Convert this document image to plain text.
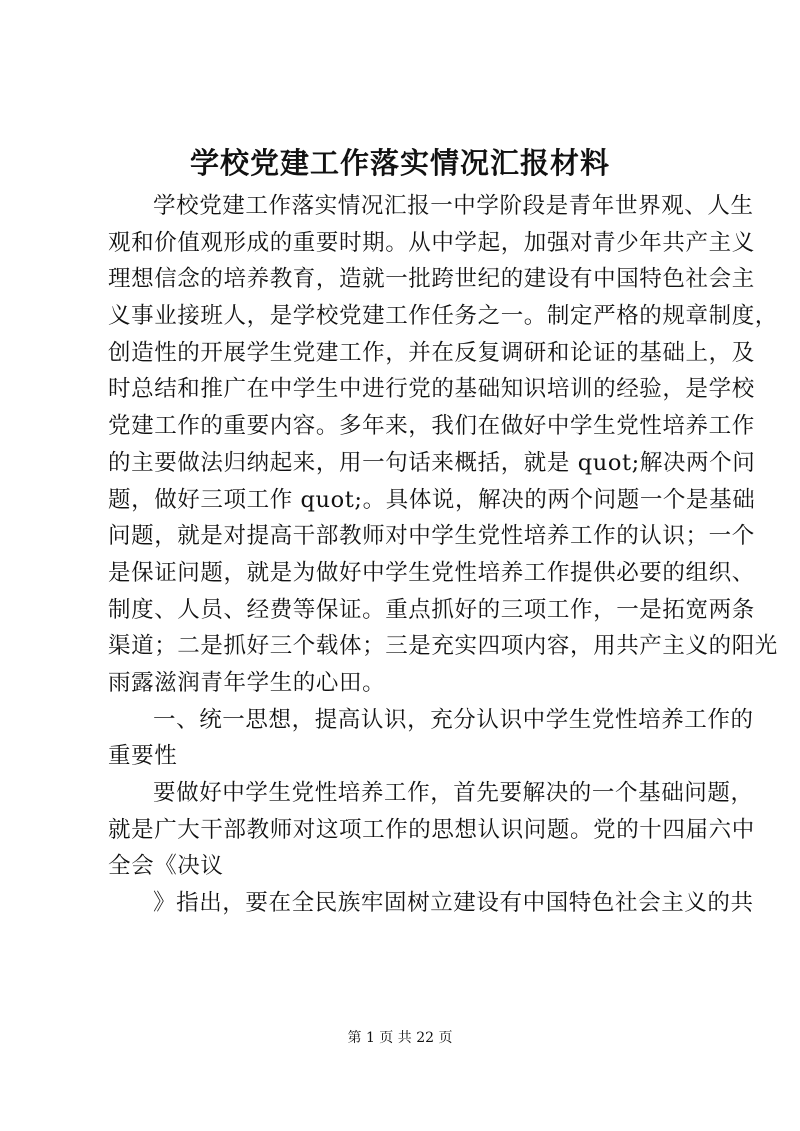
学校党建工作落实情况汇报材料
学校党建工作落实情况汇报一中学阶段是青年世界观、人生
观和价值观形成的重要时期。从中学起，加强对青少年共产主义
理想信念的培养教育，造就一批跨世纪的建设有中国特色社会主
义事业接班人，是学校党建工作任务之一。制定严格的规章制度，
创造性的开展学生党建工作，并在反复调研和论证的基础上，及
时总结和推广在中学生中进行党的基础知识培训的经验，是学校
党建工作的重要内容。多年来，我们在做好中学生党性培养工作
的主要做法归纳起来，用一句话来概括，就是 quot;解决两个问
题，做好三项工作 quot;。具体说，解决的两个问题一个是基础
问题，就是对提高干部教师对中学生党性培养工作的认识；一个
是保证问题，就是为做好中学生党性培养工作提供必要的组织、
制度、人员、经费等保证。重点抓好的三项工作，一是拓宽两条
渠道；二是抓好三个载体；三是充实四项内容，用共产主义的阳光
雨露滋润青年学生的心田。
一、统一思想，提高认识，充分认识中学生党性培养工作的
重要性
要做好中学生党性培养工作，首先要解决的一个基础问题，
就是广大干部教师对这项工作的思想认识问题。党的十四届六中
全会《决议
》指出，要在全民族牢固树立建设有中国特色社会主义的共
第 1 页 共 22 页
